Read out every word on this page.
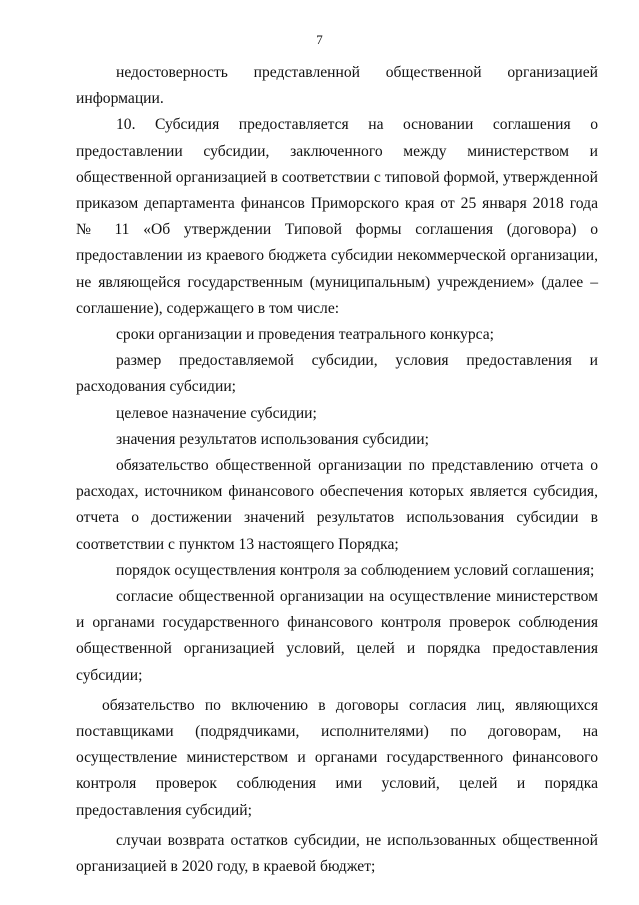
7

недостоверность представленной общественной организацией

информации.

10. Субсидия предоставляется на основании соглашения о предоставлении субсидии, заключенного между министерством и общественной организацией в соответствии с типовой формой, утвержденной приказом департамента финансов Приморского края от 25 января 2018 года № 11 «Об утверждении Типовой формы соглашения (договора) о предоставлении из краевого бюджета субсидии некоммерческой организации, не являющейся государственным (муниципальным) учреждением» (далее – соглашение), содержащего в том числе:

сроки организации и проведения театрального конкурса;

размер предоставляемой субсидии, условия предоставления и расходования субсидии;

целевое назначение субсидии;

значения результатов использования субсидии;

обязательство общественной организации по представлению отчета о расходах, источником финансового обеспечения которых является субсидия, отчета о достижении значений результатов использования субсидии в соответствии с пунктом 13 настоящего Порядка;

порядок осуществления контроля за соблюдением условий соглашения;

согласие общественной организации на осуществление министерством и органами государственного финансового контроля проверок соблюдения общественной организацией условий, целей и порядка предоставления субсидии;

обязательство по включению в договоры согласия лиц, являющихся поставщиками (подрядчиками, исполнителями) по договорам, на осуществление министерством и органами государственного финансового контроля проверок соблюдения ими условий, целей и порядка предоставления субсидий;

случаи возврата остатков субсидии, не использованных общественной организацией в 2020 году, в краевой бюджет;
